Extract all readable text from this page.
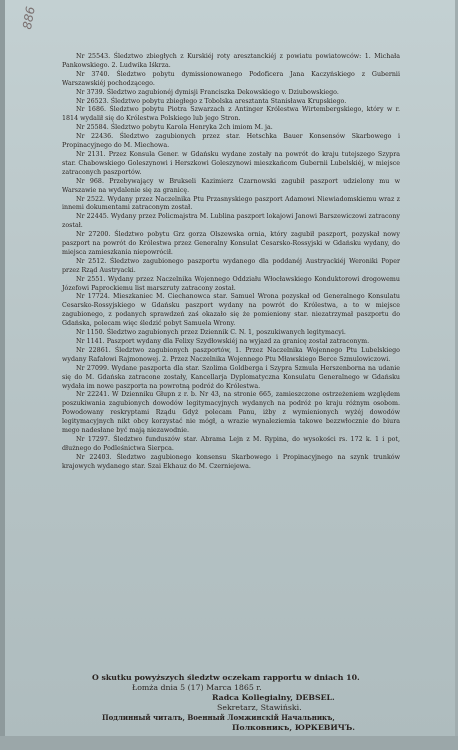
886

Nr 25543. Śledztwo zbiegłych z Kurskiéj roty aresztanckiéj z powiatu powiatowców: 1. Michała Pankowskiego. 2. Ludwika Iśkrza.

Nr 3740. Śledztwo pobytu dymissionowanego Podoficera Jana Kaczyńskiego z Gubernii Warszawskiéj pochodzącego.

Nr 3739. Śledztwo zagubionéj dymisji Franciszka Dekowskiego v. Dziubowskiego.

Nr 26523. Śledztwo pobytu zbiegłego z Tobolska aresztanta Stanisława Krupskiego.

Nr 1686. Śledztwo pobytu Piotra Szwarzach z Antinger Królestwa Wirtembergskiego, który w r. 1814 wydalił się do Królestwa Polskiego lub jego Stron.

Nr 25584. Śledztwo pobytu Karola Henryka 2ch imiom M. ja.

Nr 22436. Śledztwo zagubionych przez star. Hetschka Bauer Konsensów Skarbowego i Propinacyjnego do M. Miechowa.

Nr 2131. Przez Konsula Gener. w Gdańsku wydane zostały na powrót do kraju tutejszego Szypra star. Chabowskiego Goleszynowi i Herszkowi Goleszynowi mieszkańcom Gubernii Lubelskiéj, w miejsce zatraconych paszportów.

Nr 968. Przebywający w Brukseli Kazimierz Czarnowski zagubił paszport udzielony mu w Warszawie na wydalenie się za granicę.

Nr 2522. Wydany przez Naczelnika Ptu Przasnyskiego paszport Adamowi Niewiadomskiemu wraz z innemi dokumentami zatraconym został.

Nr 22445. Wydany przez Policmajstra M. Lublina paszport lokajowi Janowi Barszewiczowi zatracony został.

Nr 27200. Śledztwo pobytu Grz gorza Olszewska ornia, który zagubił paszport, pozyskał nowy paszport na powrót do Królestwa przez Generalny Konsulat Cesarsko-Rossyjski w Gdańsku wydany, do miejsca zamieszkania niepowrócił.

Nr 2512. Śledztwo zagubionego paszportu wydanego dla poddanéj Austryackiéj Weroniki Poper przez Rząd Austryacki.

Nr 2551. Wydany przez Naczelnika Wojennego Oddziału Włocławskiego Konduktorowi drogowemu Józefowi Paprockiemu list marszruty zatracony został.

Nr 17724. Mieszkaniec M. Ciechanowca star. Samuel Wrona pozyskał od Generalnego Konsulatu Cesarsko-Rossyjskiego w Gdańsku paszport wydany na powrót do Królestwa, a to w miejsce zagubionego, z podanych sprawdzeń zaś okazało się że pomieniony star. niezatrzymał paszportu do Gdańska, polecam więc śledzić pobyt Samuela Wrony.

Nr 1150. Śledztwo zagubionych przez Dziennik C. N. 1, poszukiwanych legitymacyi.

Nr 1141. Paszport wydany dla Felixy Szydłowskiéj na wyjazd za granicę został zatraconym.

Nr 22861. Śledztwo zagubionych paszportów, 1. Przez Naczelnika Wojennego Ptu Lubelskiego wydany Rafałowi Rajmonowej. 2. Przez Naczelnika Wojennego Ptu Mławskiego Berce Szmulowiczowi.

Nr 27099. Wydane paszporta dla star. Szolima Goldberga i Szypra Szmula Herszenborna na udanie się do M. Gdańska zatracone zostały, Kancellarja Dyplomatyczna Konsulatu Generalnego w Gdańsku wydała im nowe paszporta na powrotną podróż do Królestwa.

Nr 22241. W Dzienniku Głupn z r. b. Nr 43, na stronie 665, zamieszczone ostrzeżeniem względem poszukiwania zagubionych dowodów legitymacyjnych wydanych na podróż po kraju różnym osobom. Powodowany reskryptami Rządu Gdyż polecam Panu, iżby z wymienionych wyżéj dowodów legitymacyjnych nikt obcy korzystać nie mógł, a wrazie wynaleziemia takowe bezzwłocznie do biura mego nadesłane być mają niezawodnie.

Nr 17297. Śledztwo funduszów star. Abrama Lejn z M. Rypina, do wysokości rs. 172 k. 1 i pot, dłużnego do Podleśnictwa Sierpca.

Nr 22403. Śledztwo zagubionego konsensu Skarbowego i Propinacyjnego na szynk trunków krajowych wydanego star. Szai Ekhauz do M. Czerniejewa.

O skutku powyższych śledztw oczekam rapportu w dniach 10.
Łomża dnia 5 (17) Marca 1865 r.
Radca Kollegialny, DEBSEL.
Sekretarz, Stawiński.
Подлинный читалъ, Военный Ломжинскій Начальникъ,
Полковникъ, ЮРКЕВИЧЪ.
